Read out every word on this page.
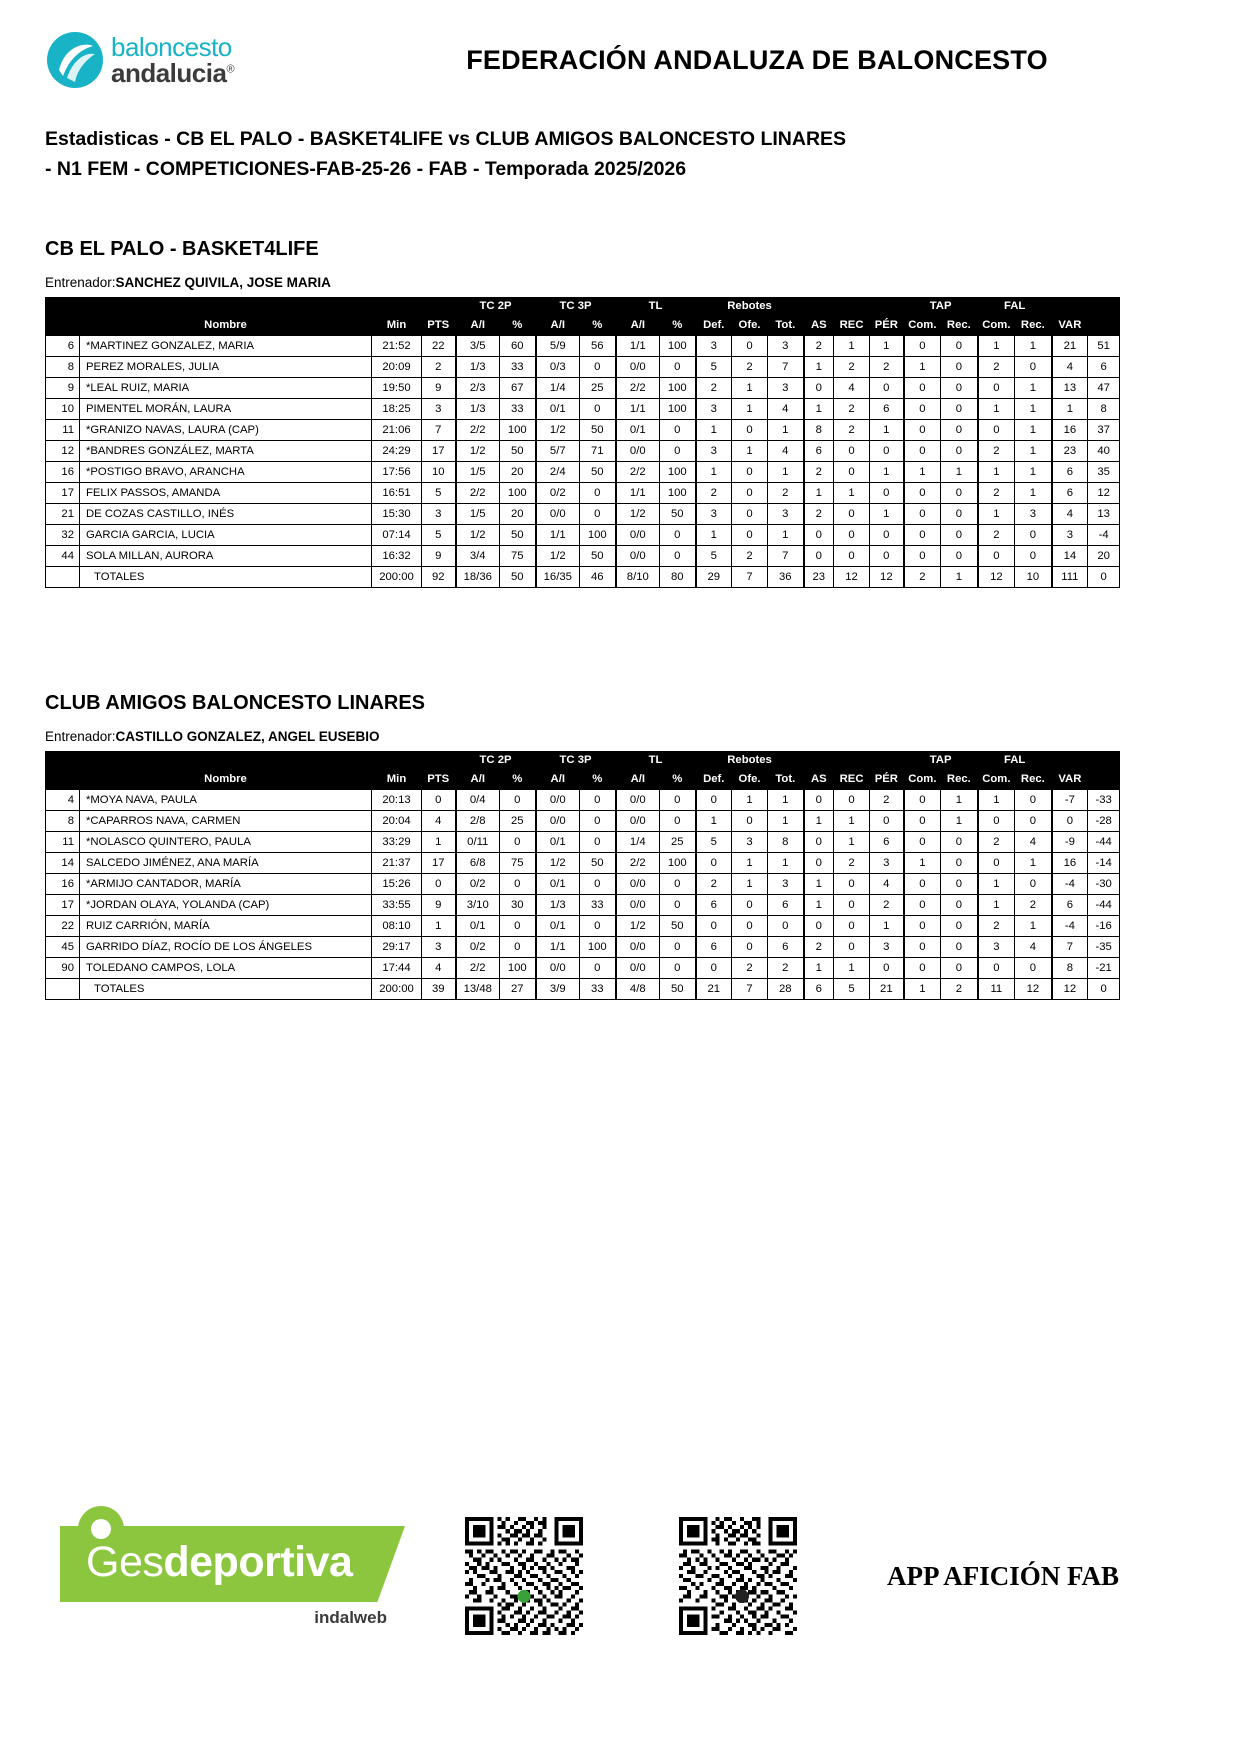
baloncesto
andalucia®	FEDERACIÓN ANDALUZA DE BALONCESTO
Estadisticas - CB EL PALO - BASKET4LIFE vs CLUB AMIGOS BALONCESTO LINARES
- N1 FEM - COMPETICIONES-FAB-25-26 - FAB - Temporada 2025/2026
CB EL PALO - BASKET4LIFE
Entrenador:SANCHEZ QUIVILA, JOSE MARIA
				TC 2P		TC 3P		TL		Rebotes						TAP		FAL			
	Nombre	Min	PTS	A/I	%	A/I	%	A/I	%	Def.	Ofe.	Tot.	AS	REC	PÉR	Com.	Rec.	Com.	Rec.	VAR	
6	*MARTINEZ GONZALEZ, MARIA	21:52	22	3/5	60	5/9	56	1/1	100	3	0	3	2	1	1	0	0	1	1	21	51
8	PEREZ MORALES, JULIA	20:09	2	1/3	33	0/3	0	0/0	0	5	2	7	1	2	2	1	0	2	0	4	6
9	*LEAL RUIZ, MARIA	19:50	9	2/3	67	1/4	25	2/2	100	2	1	3	0	4	0	0	0	0	1	13	47
10	PIMENTEL MORÁN, LAURA	18:25	3	1/3	33	0/1	0	1/1	100	3	1	4	1	2	6	0	0	1	1	1	8
11	*GRANIZO NAVAS, LAURA (CAP)	21:06	7	2/2	100	1/2	50	0/1	0	1	0	1	8	2	1	0	0	0	1	16	37
12	*BANDRES GONZÁLEZ, MARTA	24:29	17	1/2	50	5/7	71	0/0	0	3	1	4	6	0	0	0	0	2	1	23	40
16	*POSTIGO BRAVO, ARANCHA	17:56	10	1/5	20	2/4	50	2/2	100	1	0	1	2	0	1	1	1	1	1	6	35
17	FELIX PASSOS, AMANDA	16:51	5	2/2	100	0/2	0	1/1	100	2	0	2	1	1	0	0	0	2	1	6	12
21	DE COZAS CASTILLO, INÉS	15:30	3	1/5	20	0/0	0	1/2	50	3	0	3	2	0	1	0	0	1	3	4	13
32	GARCIA GARCIA, LUCIA	07:14	5	1/2	50	1/1	100	0/0	0	1	0	1	0	0	0	0	0	2	0	3	-4
44	SOLA MILLAN, AURORA	16:32	9	3/4	75	1/2	50	0/0	0	5	2	7	0	0	0	0	0	0	0	14	20
	TOTALES	200:00	92	18/36	50	16/35	46	8/10	80	29	7	36	23	12	12	2	1	12	10	111	0
CLUB AMIGOS BALONCESTO LINARES
Entrenador:CASTILLO GONZALEZ, ANGEL EUSEBIO
				TC 2P		TC 3P		TL		Rebotes						TAP		FAL			
	Nombre	Min	PTS	A/I	%	A/I	%	A/I	%	Def.	Ofe.	Tot.	AS	REC	PÉR	Com.	Rec.	Com.	Rec.	VAR	
4	*MOYA NAVA, PAULA	20:13	0	0/4	0	0/0	0	0/0	0	0	1	1	0	0	2	0	1	1	0	-7	-33
8	*CAPARROS NAVA, CARMEN	20:04	4	2/8	25	0/0	0	0/0	0	1	0	1	1	1	0	0	1	0	0	0	-28
11	*NOLASCO QUINTERO, PAULA	33:29	1	0/11	0	0/1	0	1/4	25	5	3	8	0	1	6	0	0	2	4	-9	-44
14	SALCEDO JIMÉNEZ, ANA MARÍA	21:37	17	6/8	75	1/2	50	2/2	100	0	1	1	0	2	3	1	0	0	1	16	-14
16	*ARMIJO CANTADOR, MARÍA	15:26	0	0/2	0	0/1	0	0/0	0	2	1	3	1	0	4	0	0	1	0	-4	-30
17	*JORDAN OLAYA, YOLANDA (CAP)	33:55	9	3/10	30	1/3	33	0/0	0	6	0	6	1	0	2	0	0	1	2	6	-44
22	RUIZ CARRIÓN, MARÍA	08:10	1	0/1	0	0/1	0	1/2	50	0	0	0	0	0	1	0	0	2	1	-4	-16
45	GARRIDO DÍAZ, ROCÍO DE LOS ÁNGELES	29:17	3	0/2	0	1/1	100	0/0	0	6	0	6	2	0	3	0	0	3	4	7	-35
90	TOLEDANO CAMPOS, LOLA	17:44	4	2/2	100	0/0	0	0/0	0	0	2	2	1	1	0	0	0	0	0	8	-21
	TOTALES	200:00	39	13/48	27	3/9	33	4/8	50	21	7	28	6	5	21	1	2	11	12	12	0
Gesdeportiva
indalweb
APP AFICIÓN FAB
